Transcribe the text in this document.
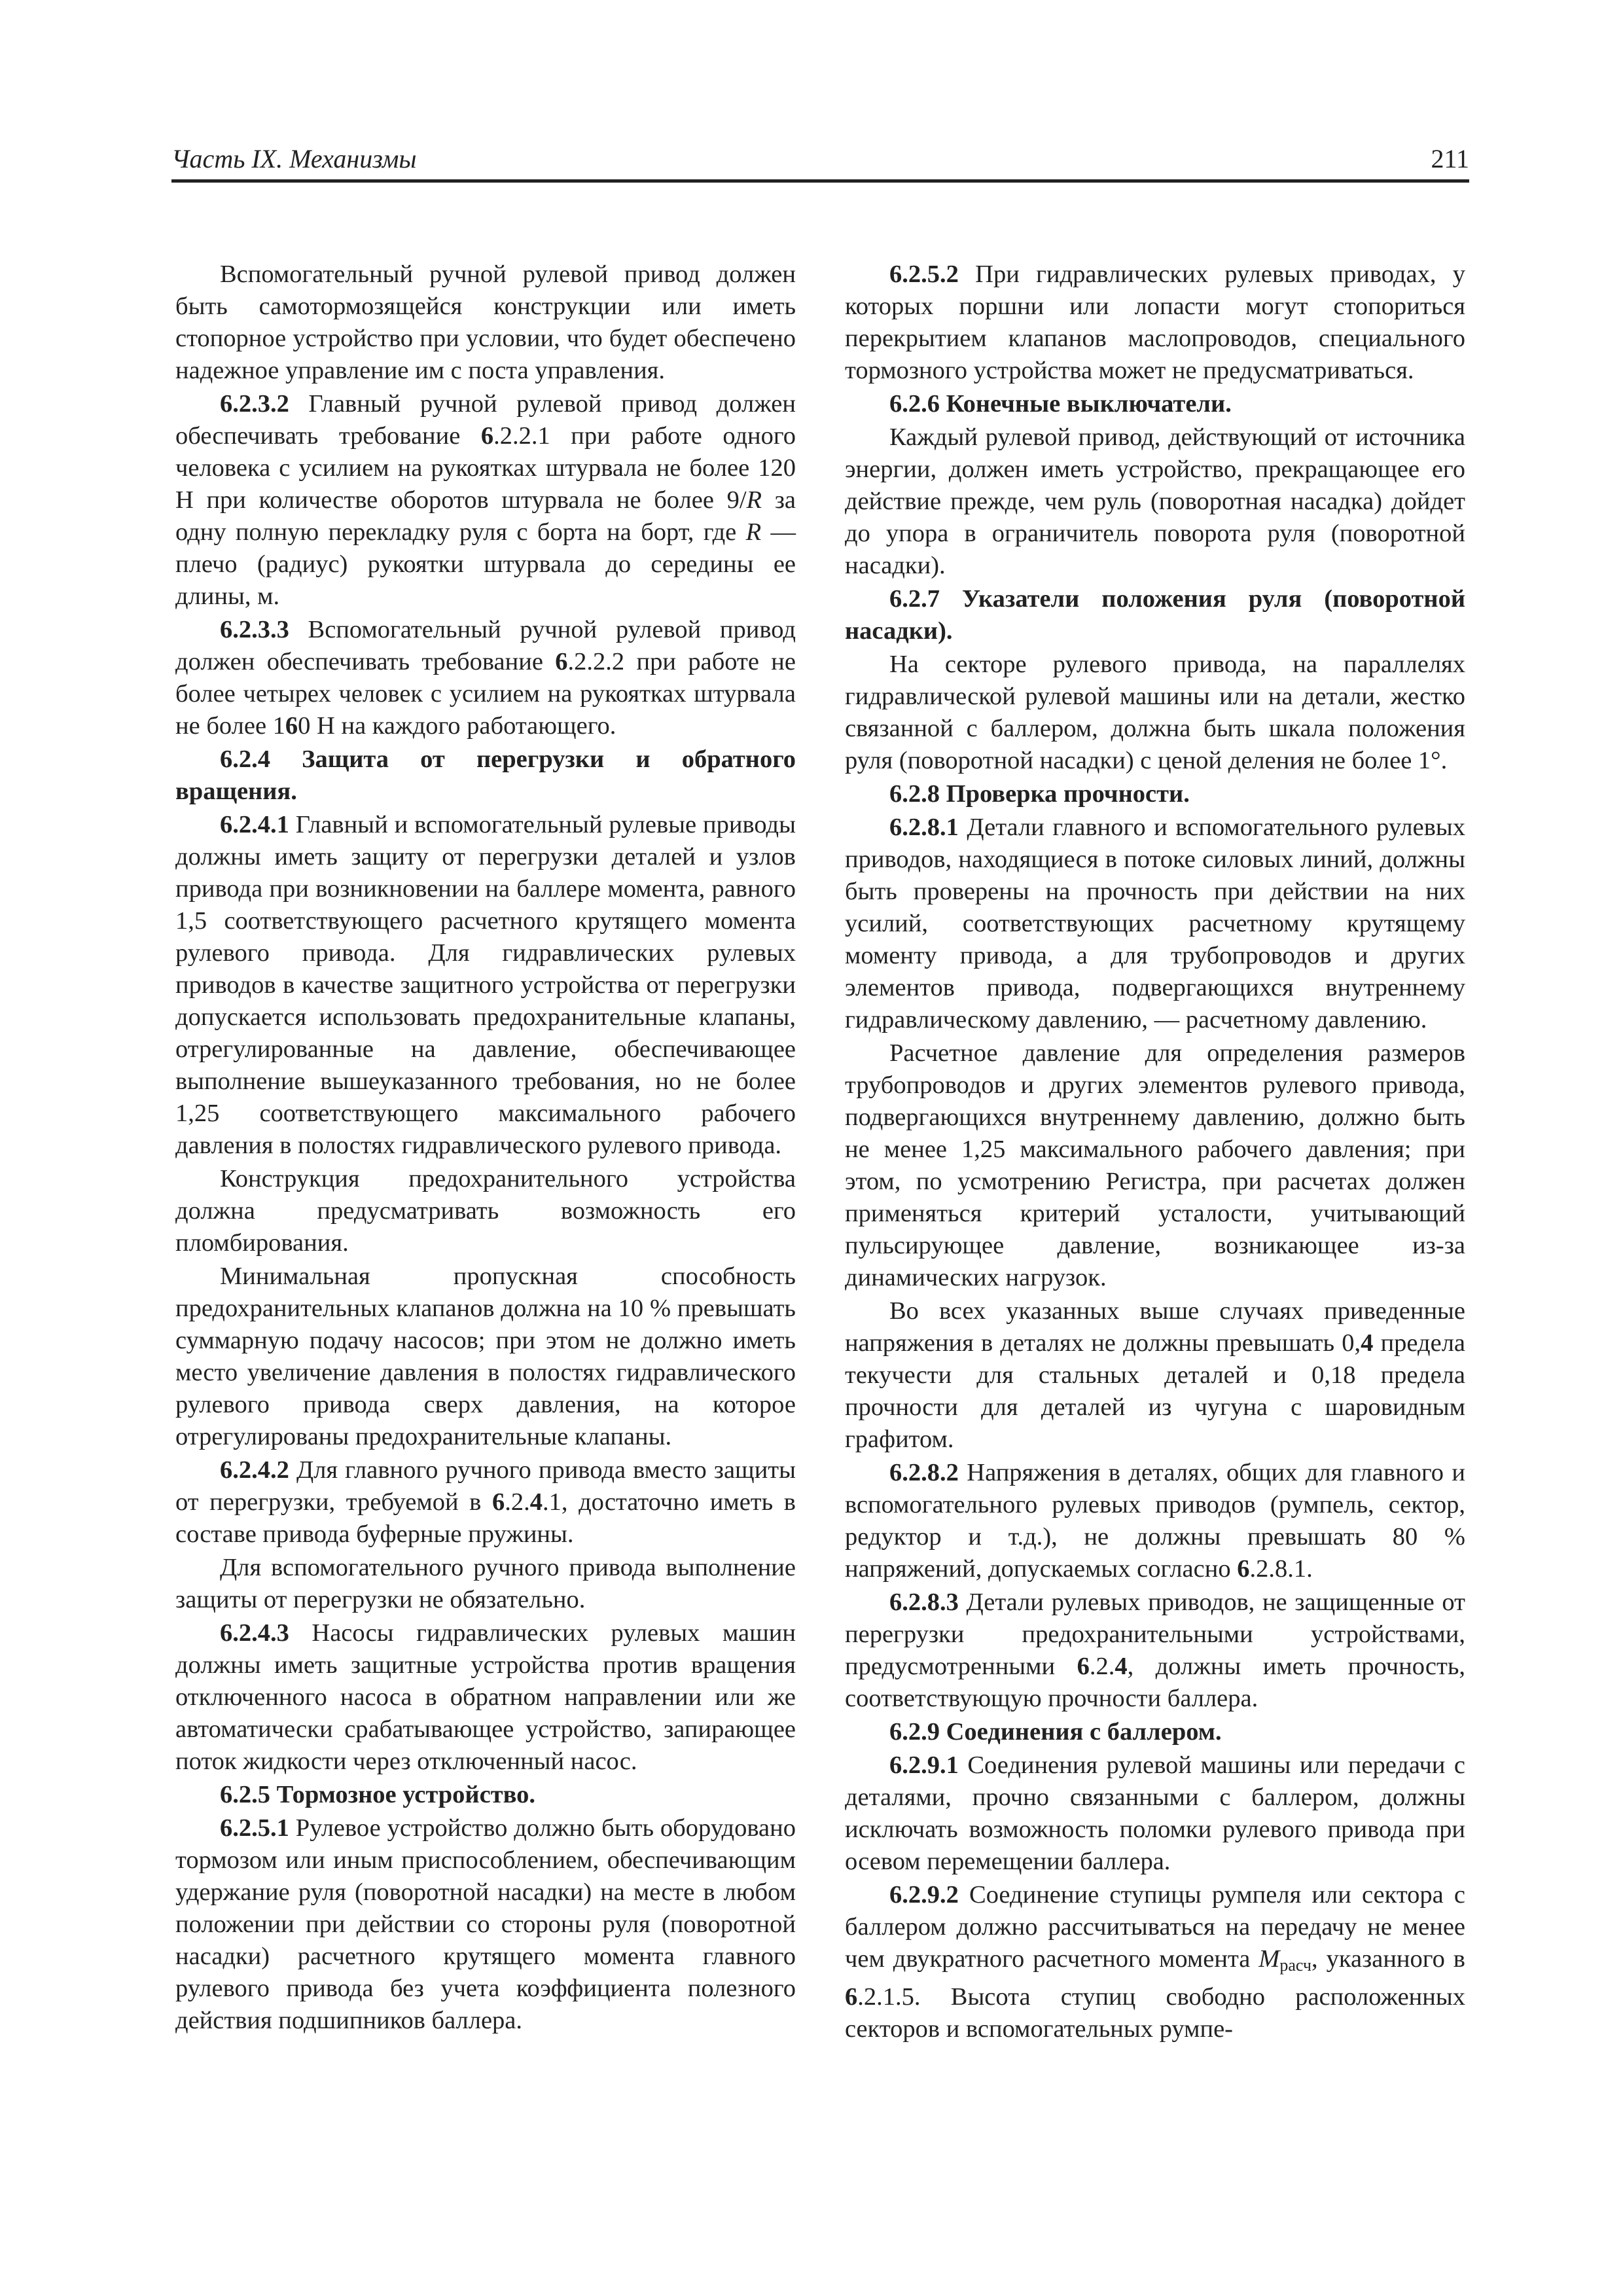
Часть IX. Механизмы	211

Вспомогательный ручной рулевой привод должен быть самотормозящейся конструкции или иметь стопорное устройство при условии, что будет обеспечено надежное управление им с поста управления.

6.2.3.2 Главный ручной рулевой привод должен обеспечивать требование 6.2.2.1 при работе одного человека с усилием на рукоятках штурвала не более 120 Н при количестве оборотов штурвала не более 9/R за одну полную перекладку руля с борта на борт, где R — плечо (радиус) рукоятки штурвала до середины ее длины, м.

6.2.3.3 Вспомогательный ручной рулевой привод должен обеспечивать требование 6.2.2.2 при работе не более четырех человек с усилием на рукоятках штурвала не более 160 Н на каждого работающего.

6.2.4 Защита от перегрузки и обратного вращения.

6.2.4.1 Главный и вспомогательный рулевые приводы должны иметь защиту от перегрузки деталей и узлов привода при возникновении на баллере момента, равного 1,5 соответствующего расчетного крутящего момента рулевого привода. Для гидравлических рулевых приводов в качестве защитного устройства от перегрузки допускается использовать предохранительные клапаны, отрегулированные на давление, обеспечивающее выполнение вышеуказанного требования, но не более 1,25 соответствующего максимального рабочего давления в полостях гидравлического рулевого привода.

Конструкция предохранительного устройства должна предусматривать возможность его пломбирования.

Минимальная пропускная способность предохранительных клапанов должна на 10 % превышать суммарную подачу насосов; при этом не должно иметь место увеличение давления в полостях гидравлического рулевого привода сверх давления, на которое отрегулированы предохранительные клапаны.

6.2.4.2 Для главного ручного привода вместо защиты от перегрузки, требуемой в 6.2.4.1, достаточно иметь в составе привода буферные пружины.

Для вспомогательного ручного привода выполнение защиты от перегрузки не обязательно.

6.2.4.3 Насосы гидравлических рулевых машин должны иметь защитные устройства против вращения отключенного насоса в обратном направлении или же автоматически срабатывающее устройство, запирающее поток жидкости через отключенный насос.

6.2.5 Тормозное устройство.

6.2.5.1 Рулевое устройство должно быть оборудовано тормозом или иным приспособлением, обеспечивающим удержание руля (поворотной насадки) на месте в любом положении при действии со стороны руля (поворотной насадки) расчетного крутящего момента главного рулевого привода без учета коэффициента полезного действия подшипников баллера.

6.2.5.2 При гидравлических рулевых приводах, у которых поршни или лопасти могут стопориться перекрытием клапанов маслопроводов, специального тормозного устройства может не предусматриваться.

6.2.6 Конечные выключатели.

Каждый рулевой привод, действующий от источника энергии, должен иметь устройство, прекращающее его действие прежде, чем руль (поворотная насадка) дойдет до упора в ограничитель поворота руля (поворотной насадки).

6.2.7 Указатели положения руля (поворотной насадки).

На секторе рулевого привода, на параллелях гидравлической рулевой машины или на детали, жестко связанной с баллером, должна быть шкала положения руля (поворотной насадки) с ценой деления не более 1°.

6.2.8 Проверка прочности.

6.2.8.1 Детали главного и вспомогательного рулевых приводов, находящиеся в потоке силовых линий, должны быть проверены на прочность при действии на них усилий, соответствующих расчетному крутящему моменту привода, а для трубопроводов и других элементов привода, подвергающихся внутреннему гидравлическому давлению, — расчетному давлению.

Расчетное давление для определения размеров трубопроводов и других элементов рулевого привода, подвергающихся внутреннему давлению, должно быть не менее 1,25 максимального рабочего давления; при этом, по усмотрению Регистра, при расчетах должен применяться критерий усталости, учитывающий пульсирующее давление, возникающее из-за динамических нагрузок.

Во всех указанных выше случаях приведенные напряжения в деталях не должны превышать 0,4 предела текучести для стальных деталей и 0,18 предела прочности для деталей из чугуна с шаровидным графитом.

6.2.8.2 Напряжения в деталях, общих для главного и вспомогательного рулевых приводов (румпель, сектор, редуктор и т.д.), не должны превышать 80 % напряжений, допускаемых согласно 6.2.8.1.

6.2.8.3 Детали рулевых приводов, не защищенные от перегрузки предохранительными устройствами, предусмотренными 6.2.4, должны иметь прочность, соответствующую прочности баллера.

6.2.9 Соединения с баллером.

6.2.9.1 Соединения рулевой машины или передачи с деталями, прочно связанными с баллером, должны исключать возможность поломки рулевого привода при осевом перемещении баллера.

6.2.9.2 Соединение ступицы румпеля или сектора с баллером должно рассчитываться на передачу не менее чем двукратного расчетного момента $M_{расч}$, указанного в 6.2.1.5. Высота ступиц свободно расположенных секторов и вспомогательных румпе-
